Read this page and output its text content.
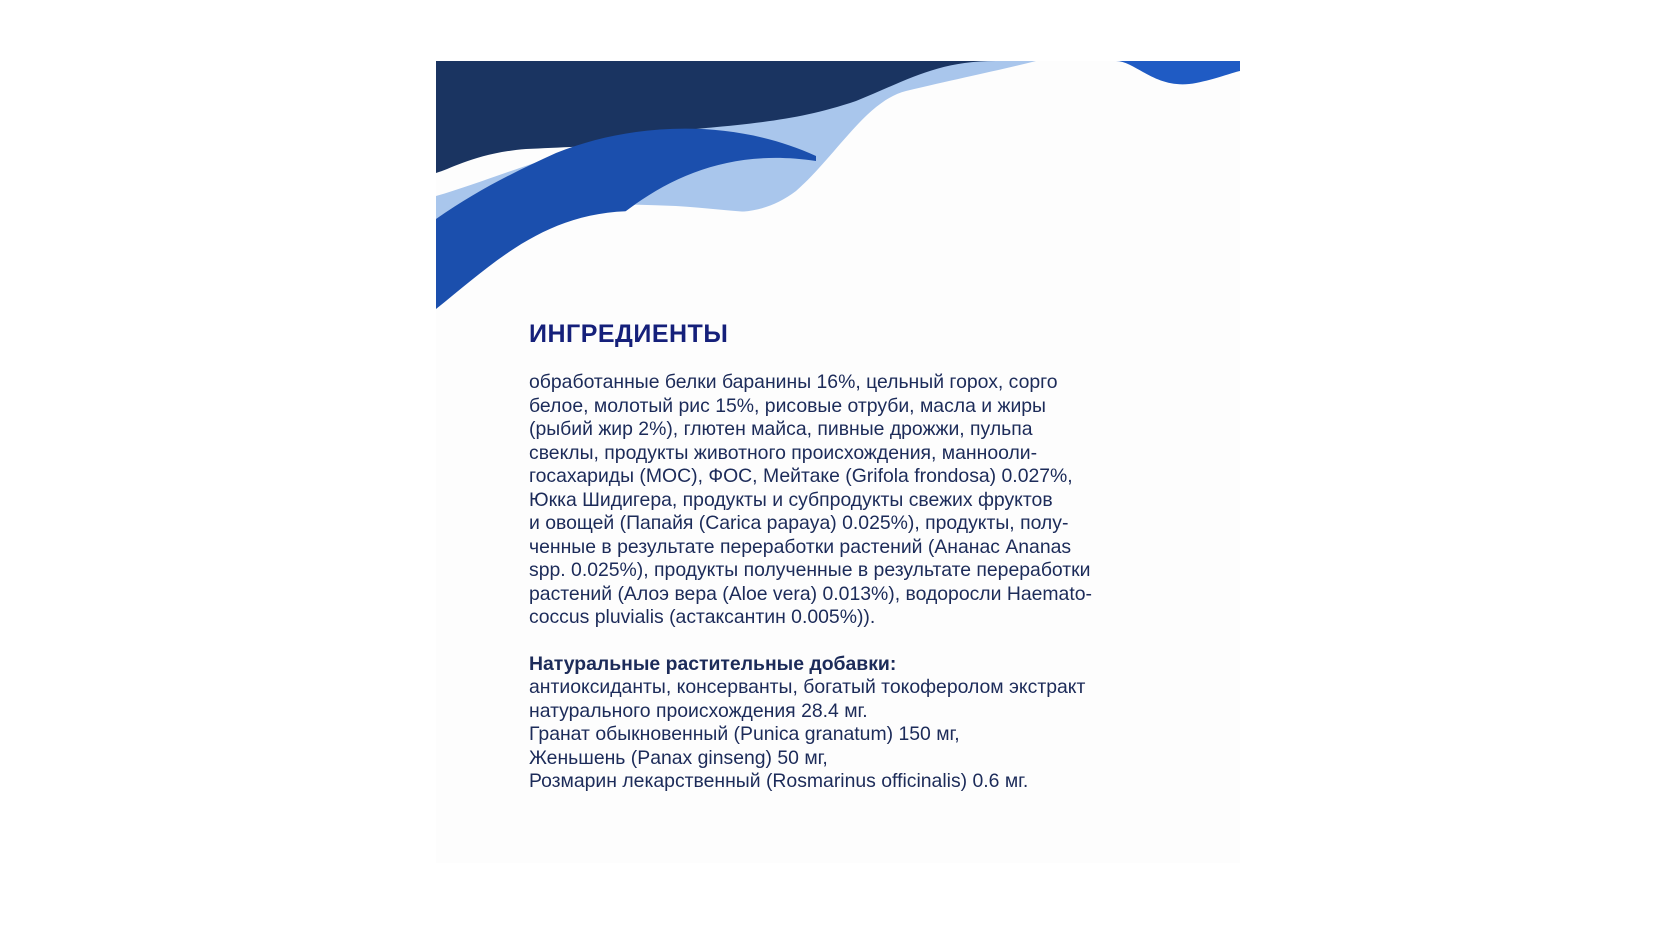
ИНГРЕДИЕНТЫ

обработанные белки баранины 16%, цельный горох, сорго
белое, молотый рис 15%, рисовые отруби, масла и жиры
(рыбий жир 2%), глютен майса, пивные дрожжи, пульпа
свеклы, продукты животного происхождения, маннооли-
госахариды (МОС), ФОС, Мейтаке (Grifola frondosa) 0.027%,
Юкка Шидигера, продукты и субпродукты свежих фруктов
и овощей (Папайя (Carica papaya) 0.025%), продукты, полу-
ченные в результате переработки растений (Ананас Ananas
spp. 0.025%), продукты полученные в результате переработки
растений (Алоэ вера (Aloe vera) 0.013%), водоросли Haemato-
coccus pluvialis (астаксантин 0.005%)).

Натуральные растительные добавки:

антиоксиданты, консерванты, богатый токоферолом экстракт
натурального происхождения 28.4 мг.
Гранат обыкновенный (Punica granatum) 150 мг,
Женьшень (Panax ginseng) 50 мг,
Розмарин лекарственный (Rosmarinus officinalis) 0.6 мг.
